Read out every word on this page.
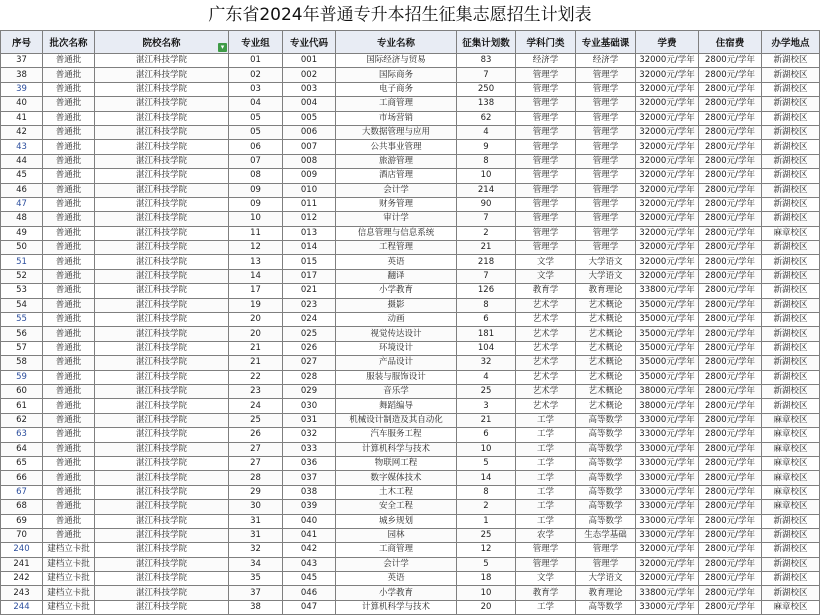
广东省2024年普通专升本招生征集志愿招生计划表
序号	批次名称	院校名称 ▾	专业组	专业代码	专业名称	征集计划数	学科门类	专业基础课	学费	住宿费	办学地点
37	普通批	湛江科技学院	01	001	国际经济与贸易	83	经济学	经济学	32000元/学年	2800元/学年	新湖校区
38	普通批	湛江科技学院	02	002	国际商务	7	管理学	管理学	32000元/学年	2800元/学年	新湖校区
39	普通批	湛江科技学院	03	003	电子商务	250	管理学	管理学	32000元/学年	2800元/学年	新湖校区
40	普通批	湛江科技学院	04	004	工商管理	138	管理学	管理学	32000元/学年	2800元/学年	新湖校区
41	普通批	湛江科技学院	05	005	市场营销	62	管理学	管理学	32000元/学年	2800元/学年	新湖校区
42	普通批	湛江科技学院	05	006	大数据管理与应用	4	管理学	管理学	32000元/学年	2800元/学年	新湖校区
43	普通批	湛江科技学院	06	007	公共事业管理	9	管理学	管理学	32000元/学年	2800元/学年	新湖校区
44	普通批	湛江科技学院	07	008	旅游管理	8	管理学	管理学	32000元/学年	2800元/学年	新湖校区
45	普通批	湛江科技学院	08	009	酒店管理	10	管理学	管理学	32000元/学年	2800元/学年	新湖校区
46	普通批	湛江科技学院	09	010	会计学	214	管理学	管理学	32000元/学年	2800元/学年	新湖校区
47	普通批	湛江科技学院	09	011	财务管理	90	管理学	管理学	32000元/学年	2800元/学年	新湖校区
48	普通批	湛江科技学院	10	012	审计学	7	管理学	管理学	32000元/学年	2800元/学年	新湖校区
49	普通批	湛江科技学院	11	013	信息管理与信息系统	2	管理学	管理学	32000元/学年	2800元/学年	麻章校区
50	普通批	湛江科技学院	12	014	工程管理	21	管理学	管理学	32000元/学年	2800元/学年	新湖校区
51	普通批	湛江科技学院	13	015	英语	218	文学	大学语文	32000元/学年	2800元/学年	新湖校区
52	普通批	湛江科技学院	14	017	翻译	7	文学	大学语文	32000元/学年	2800元/学年	新湖校区
53	普通批	湛江科技学院	17	021	小学教育	126	教育学	教育理论	33800元/学年	2800元/学年	新湖校区
54	普通批	湛江科技学院	19	023	摄影	8	艺术学	艺术概论	35000元/学年	2800元/学年	新湖校区
55	普通批	湛江科技学院	20	024	动画	6	艺术学	艺术概论	35000元/学年	2800元/学年	新湖校区
56	普通批	湛江科技学院	20	025	视觉传达设计	181	艺术学	艺术概论	35000元/学年	2800元/学年	新湖校区
57	普通批	湛江科技学院	21	026	环境设计	104	艺术学	艺术概论	35000元/学年	2800元/学年	新湖校区
58	普通批	湛江科技学院	21	027	产品设计	32	艺术学	艺术概论	35000元/学年	2800元/学年	新湖校区
59	普通批	湛江科技学院	22	028	服装与服饰设计	4	艺术学	艺术概论	35000元/学年	2800元/学年	新湖校区
60	普通批	湛江科技学院	23	029	音乐学	25	艺术学	艺术概论	38000元/学年	2800元/学年	新湖校区
61	普通批	湛江科技学院	24	030	舞蹈编导	3	艺术学	艺术概论	38000元/学年	2800元/学年	新湖校区
62	普通批	湛江科技学院	25	031	机械设计制造及其自动化	21	工学	高等数学	33000元/学年	2800元/学年	麻章校区
63	普通批	湛江科技学院	26	032	汽车服务工程	6	工学	高等数学	33000元/学年	2800元/学年	麻章校区
64	普通批	湛江科技学院	27	033	计算机科学与技术	10	工学	高等数学	33000元/学年	2800元/学年	麻章校区
65	普通批	湛江科技学院	27	036	物联网工程	5	工学	高等数学	33000元/学年	2800元/学年	麻章校区
66	普通批	湛江科技学院	28	037	数字媒体技术	14	工学	高等数学	33000元/学年	2800元/学年	麻章校区
67	普通批	湛江科技学院	29	038	土木工程	8	工学	高等数学	33000元/学年	2800元/学年	麻章校区
68	普通批	湛江科技学院	30	039	安全工程	2	工学	高等数学	33000元/学年	2800元/学年	麻章校区
69	普通批	湛江科技学院	31	040	城乡规划	1	工学	高等数学	33000元/学年	2800元/学年	新湖校区
70	普通批	湛江科技学院	31	041	园林	25	农学	生态学基础	33000元/学年	2800元/学年	新湖校区
240	建档立卡批	湛江科技学院	32	042	工商管理	12	管理学	管理学	32000元/学年	2800元/学年	新湖校区
241	建档立卡批	湛江科技学院	34	043	会计学	5	管理学	管理学	32000元/学年	2800元/学年	新湖校区
242	建档立卡批	湛江科技学院	35	045	英语	18	文学	大学语文	32000元/学年	2800元/学年	新湖校区
243	建档立卡批	湛江科技学院	37	046	小学教育	10	教育学	教育理论	33800元/学年	2800元/学年	新湖校区
244	建档立卡批	湛江科技学院	38	047	计算机科学与技术	20	工学	高等数学	33000元/学年	2800元/学年	麻章校区
